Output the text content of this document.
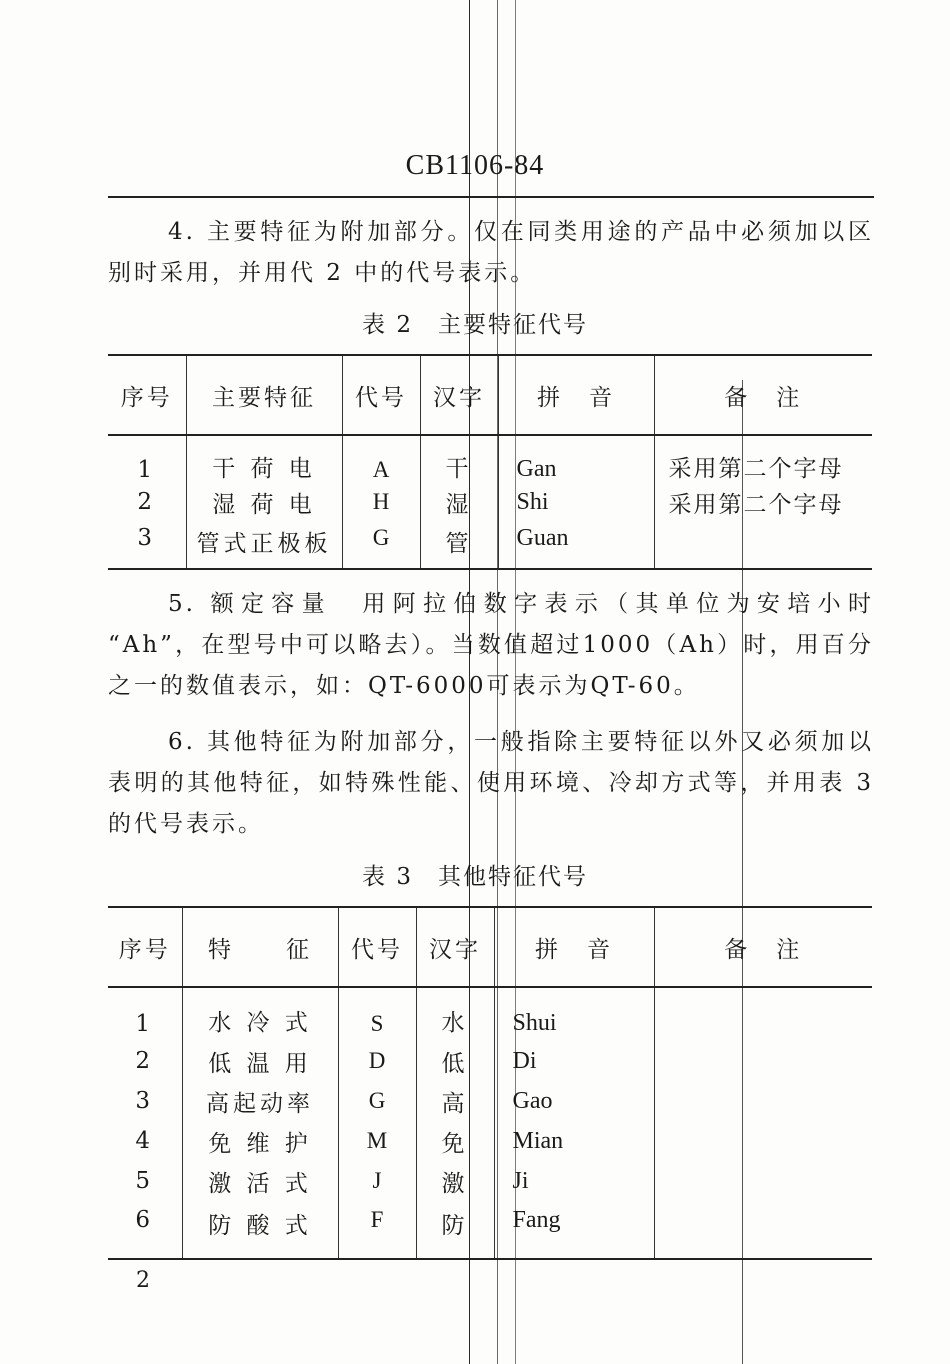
CB1106-84

4. 主要特征为附加部分。仅在同类用途的产品中必须加以区别时采用，并用代 2 中的代号表示。

表 2　主要特征代号
序号	主要特征	代号	汉字	拼　音	备　注
1	干 荷 电	A	干	Gan	采用第二个字母
2	湿 荷 电	H	湿	Shi	采用第二个字母
3	管式正极板	G	管	Guan	

5. 额定容量　用阿拉伯数字表示（其单位为安培小时 “Ah”，在型号中可以略去）。当数值超过1000（Ah）时，用百分之一的数值表示，如：QT-6000可表示为QT-60。

6. 其他特征为附加部分，一般指除主要特征以外又必须加以表明的其他特征，如特殊性能、使用环境、冷却方式等，并用表 3 的代号表示。

表 3　其他特征代号
序号	特　　征	代号	汉字	拼　音	备　注
1	水 冷 式	S	水	Shui	
2	低 温 用	D	低	Di	
3	高起动率	G	高	Gao	
4	免 维 护	M	免	Mian	
5	激 活 式	J	激	Ji	
6	防 酸 式	F	防	Fang	
2
